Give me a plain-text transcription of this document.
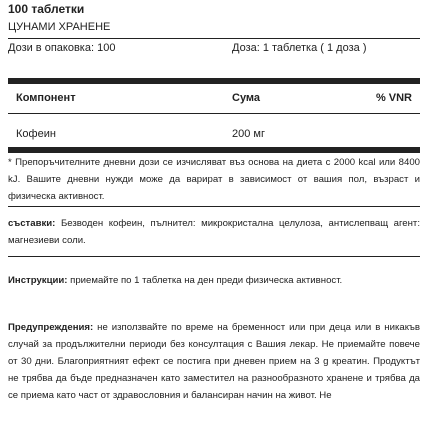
100 таблетки
ЦУНАМИ ХРАНЕНЕ
Дози в опаковка: 100	Доза: 1 таблетка ( 1 доза )
Компонент	Сума	% VNR
Кофеин	200 мг
* Препоръчителните дневни дози се изчисляват въз основа на диета с 2000 kcal или 8400 kJ. Вашите дневни нужди може да варират в зависимост от вашия пол, възраст и физическа активност.
съставки: Безводен кофеин, пълнител: микрокристална целулоза, антислепващ агент: магнезиеви соли.
Инструкции: приемайте по 1 таблетка на ден преди физическа активност.
Предупреждения: не използвайте по време на бременност или при деца или в никакъв случай за продължителни периоди без консултация с Вашия лекар. Не приемайте повече от 30 дни. Благоприятният ефект се постига при дневен прием на 3 g креатин. Продуктът не трябва да бъде предназначен като заместител на разнообразното хранене и трябва да се приема като част от здравословния и балансиран начин на живот. Не
